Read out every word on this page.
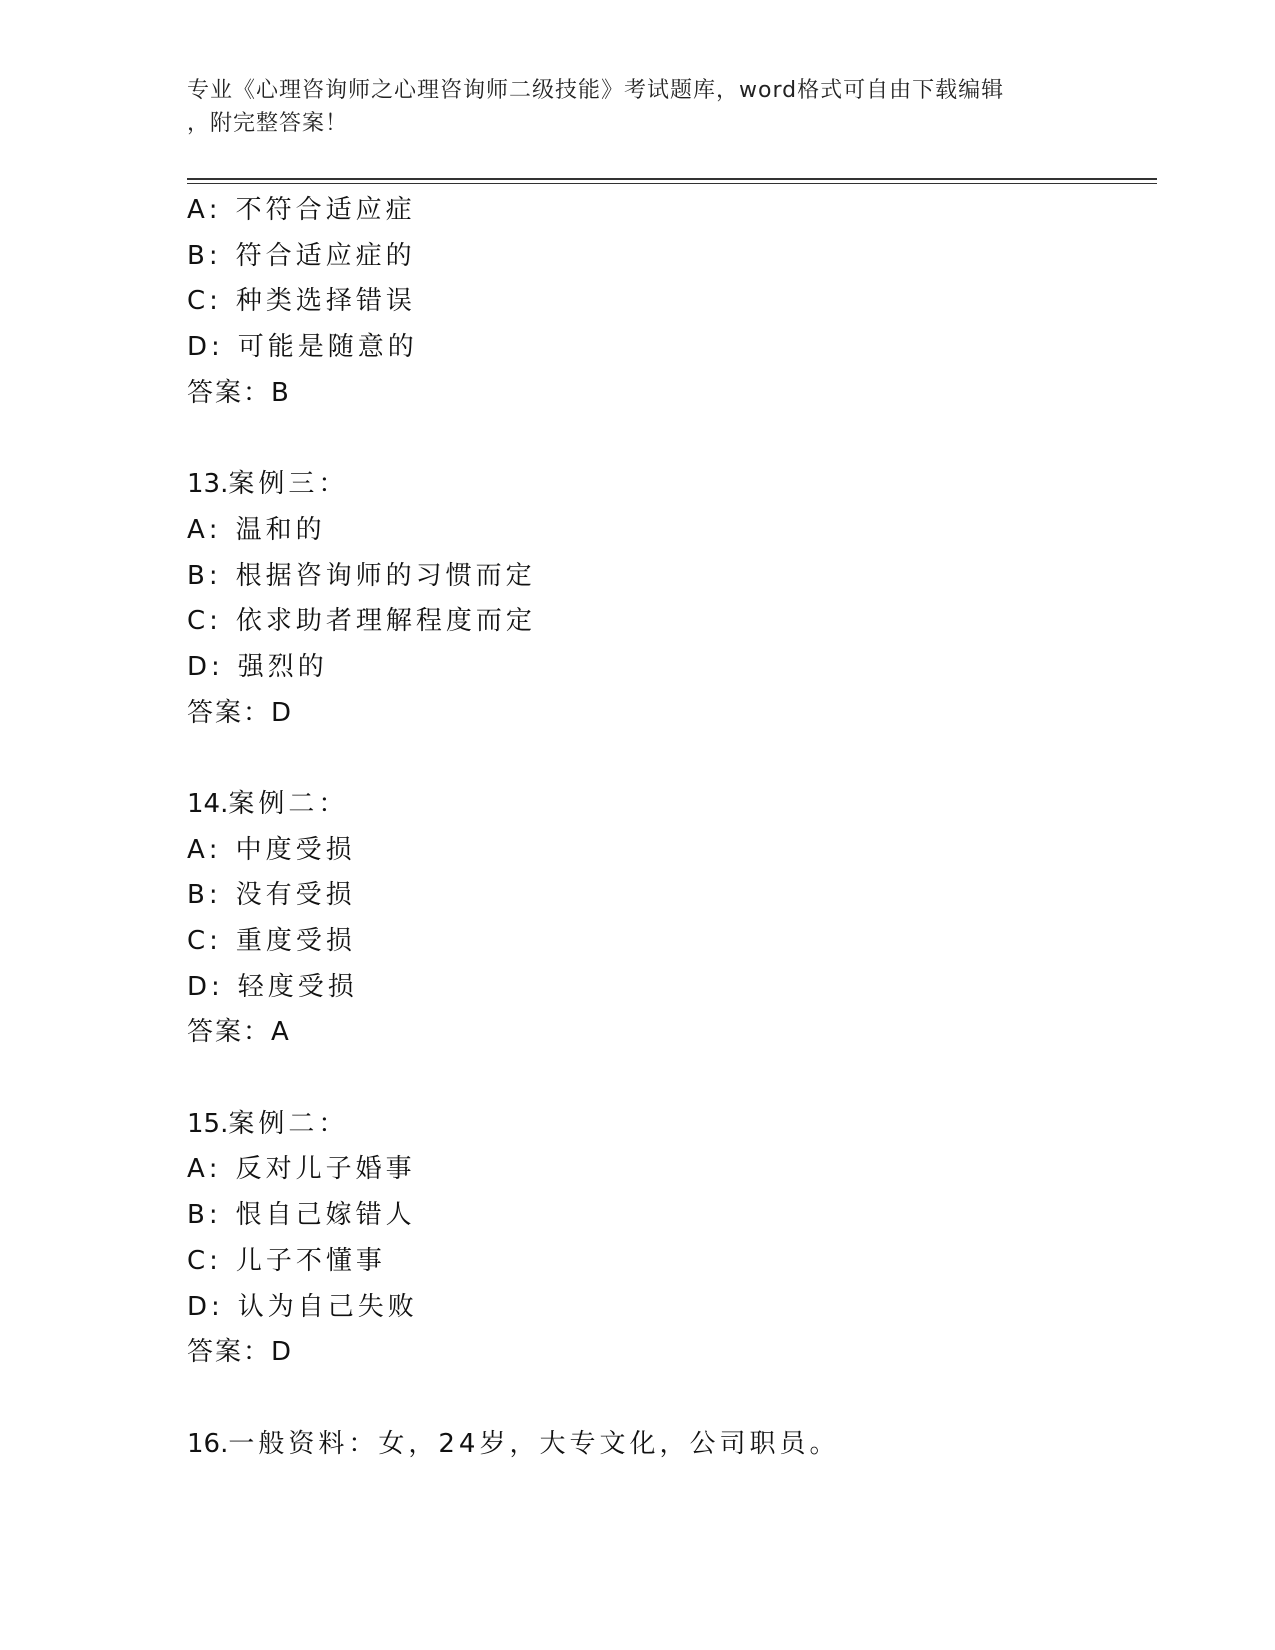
专业《心理咨询师之心理咨询师二级技能》考试题库，word格式可自由下载编辑
，附完整答案！
A: 不符合适应症
B: 符合适应症的
C: 种类选择错误
D: 可能是随意的
答案：B
13.案例三：
A: 温和的
B: 根据咨询师的习惯而定
C: 依求助者理解程度而定
D: 强烈的
答案：D
14.案例二：
A: 中度受损
B: 没有受损
C: 重度受损
D: 轻度受损
答案：A
15.案例二：
A: 反对儿子婚事
B: 恨自己嫁错人
C: 儿子不懂事
D: 认为自己失败
答案：D
16.一般资料：女，24岁，大专文化，公司职员。
